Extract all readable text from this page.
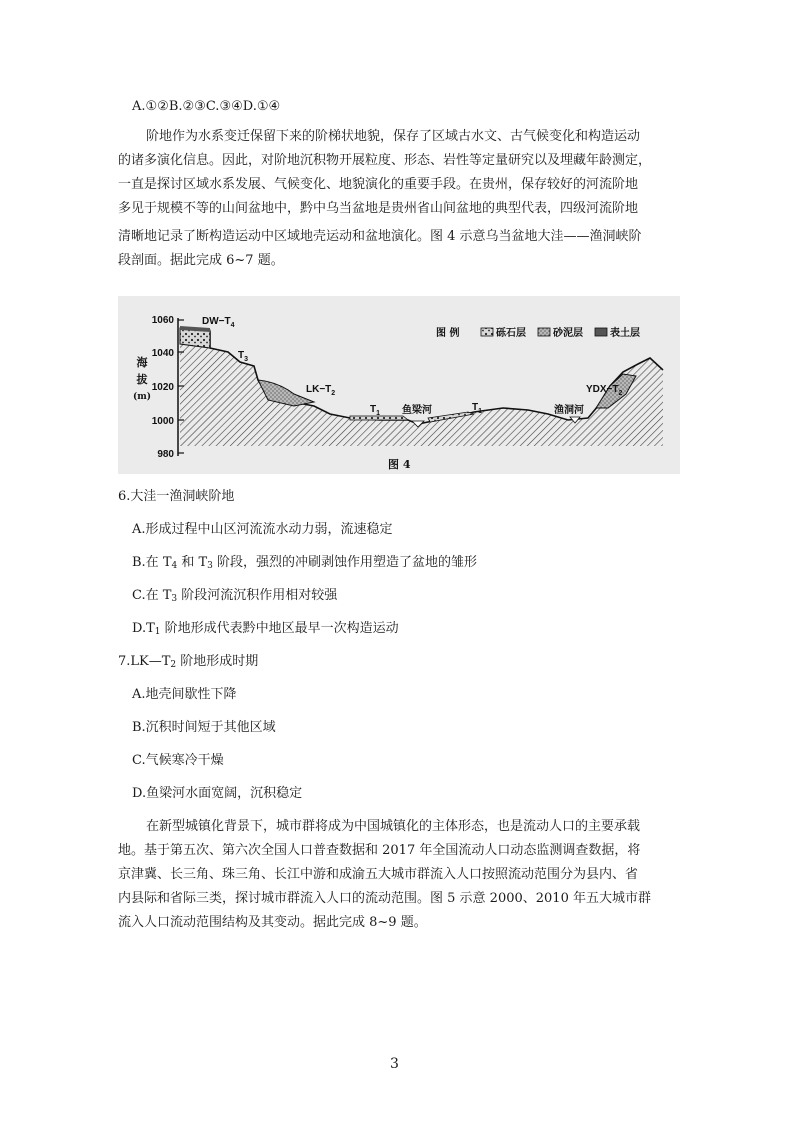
A.①②B.②③C.③④D.①④

阶地作为水系变迁保留下来的阶梯状地貌，保存了区域古水文、古气候变化和构造运动

的诸多演化信息。因此，对阶地沉积物开展粒度、形态、岩性等定量研究以及埋藏年龄测定，

一直是探讨区域水系发展、气候变化、地貌演化的重要手段。在贵州，保存较好的河流阶地

多见于规模不等的山间盆地中，黔中乌当盆地是贵州省山间盆地的典型代表，四级河流阶地

清晰地记录了断构造运动中区域地壳运动和盆地演化。图 4 示意乌当盆地大洼——渔洞峡阶

段剖面。据此完成 6~7 题。

1060
1040
1020
1000
980
海
拔
(m)
$DW-T_4$
$T_3$
$LK-T_2$
$T_1$
$T_1$
$YDX-T_2$
鱼梁河	渔洞河
图 4
图 例	砾石层	砂泥层	表土层
6.大洼一渔洞峡阶地
A.形成过程中山区河流流水动力弱，流速稳定
B.在 $T_4$ 和 $T_3$ 阶段，强烈的冲刷剥蚀作用塑造了盆地的雏形
C.在 $T_3$ 阶段河流沉积作用相对较强
$D.T_1$ 阶地形成代表黔中地区最早一次构造运动
$7.LK—T_2$ 阶地形成时期
A.地壳间歇性下降
B.沉积时间短于其他区域
C.气候寒冷干燥
D.鱼梁河水面宽阔，沉积稳定

在新型城镇化背景下，城市群将成为中国城镇化的主体形态，也是流动人口的主要承载

地。基于第五次、第六次全国人口普查数据和 2017 年全国流动人口动态监测调查数据，将

京津冀、长三角、珠三角、长江中游和成渝五大城市群流入人口按照流动范围分为县内、省

内县际和省际三类，探讨城市群流入人口的流动范围。图 5 示意 2000、2010 年五大城市群

流入人口流动范围结构及其变动。据此完成 8~9 题。

3
